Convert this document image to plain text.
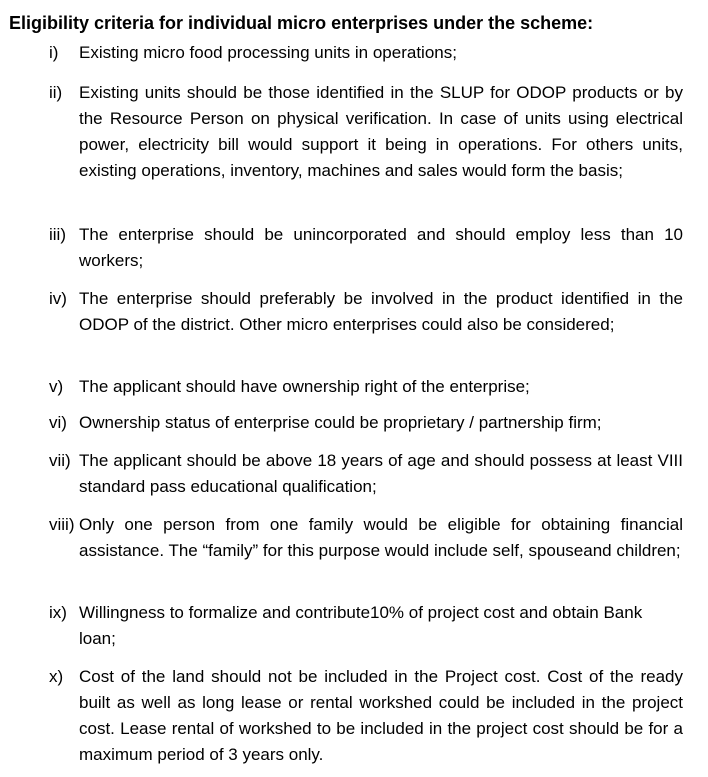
Eligibility criteria for individual micro enterprises under the scheme:
i) Existing micro food processing units in operations;
ii) Existing units should be those identified in the SLUP for ODOP products or by the Resource Person on physical verification. In case of units using electrical power, electricity bill would support it being in operations. For others units, existing operations, inventory, machines and sales would form the basis;
iii) The enterprise should be unincorporated and should employ less than 10 workers;
iv) The enterprise should preferably be involved in the product identified in the ODOP of the district. Other micro enterprises could also be considered;
v) The applicant should have ownership right of the enterprise;
vi) Ownership status of enterprise could be proprietary / partnership firm;
vii) The applicant should be above 18 years of age and should possess at least VIII standard pass educational qualification;
viii) Only one person from one family would be eligible for obtaining financial assistance. The “family” for this purpose would include self, spouseand children;
ix) Willingness to formalize and contribute10% of project cost and obtain Bank loan;
x) Cost of the land should not be included in the Project cost. Cost of the ready built as well as long lease or rental workshed could be included in the project cost. Lease rental of workshed to be included in the project cost should be for a maximum period of 3 years only.
